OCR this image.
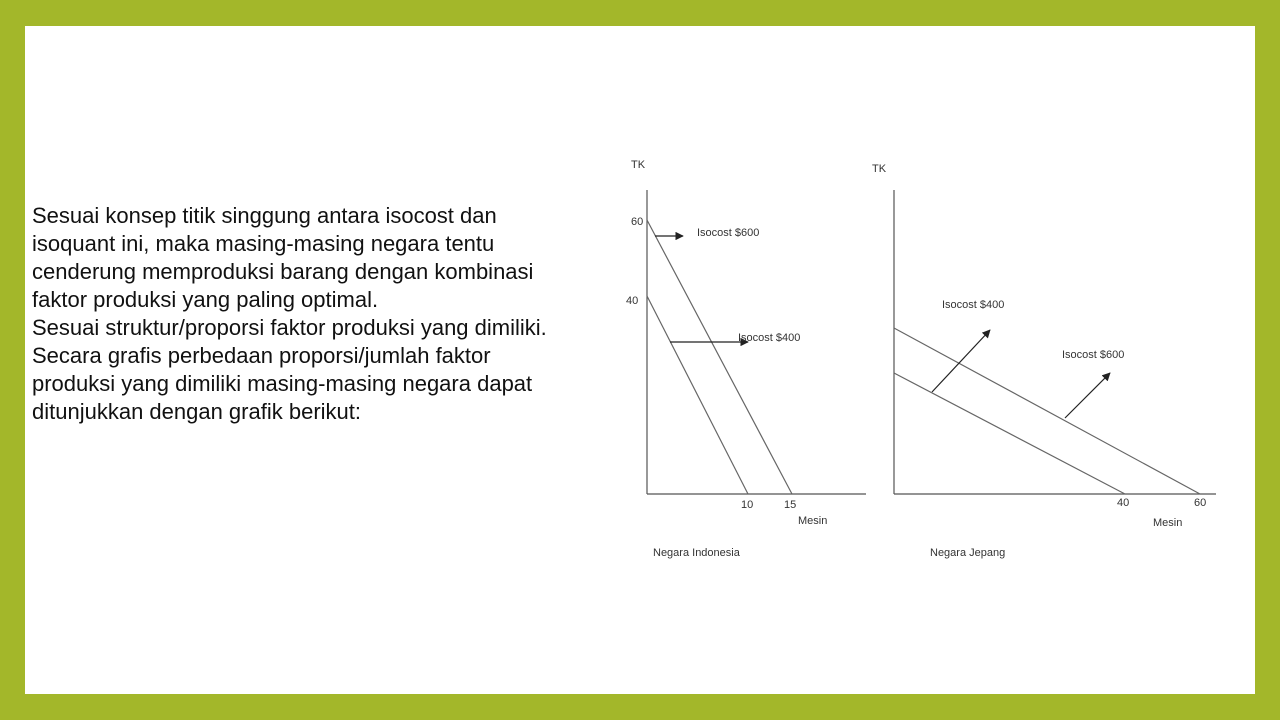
Sesuai konsep titik singgung antara isocost dan isoquant ini, maka masing-masing negara tentu cenderung memproduksi barang dengan kombinasi faktor produksi yang paling optimal.
Sesuai struktur/proporsi faktor produksi yang dimiliki.
Secara grafis perbedaan proporsi/jumlah faktor produksi yang dimiliki masing-masing negara dapat ditunjukkan dengan grafik berikut:
TK
60
40
10	15
Mesin
Isocost $600
Isocost $400
Negara Indonesia
TK
40	60
Mesin
Isocost $400
Isocost $600
Negara Jepang
